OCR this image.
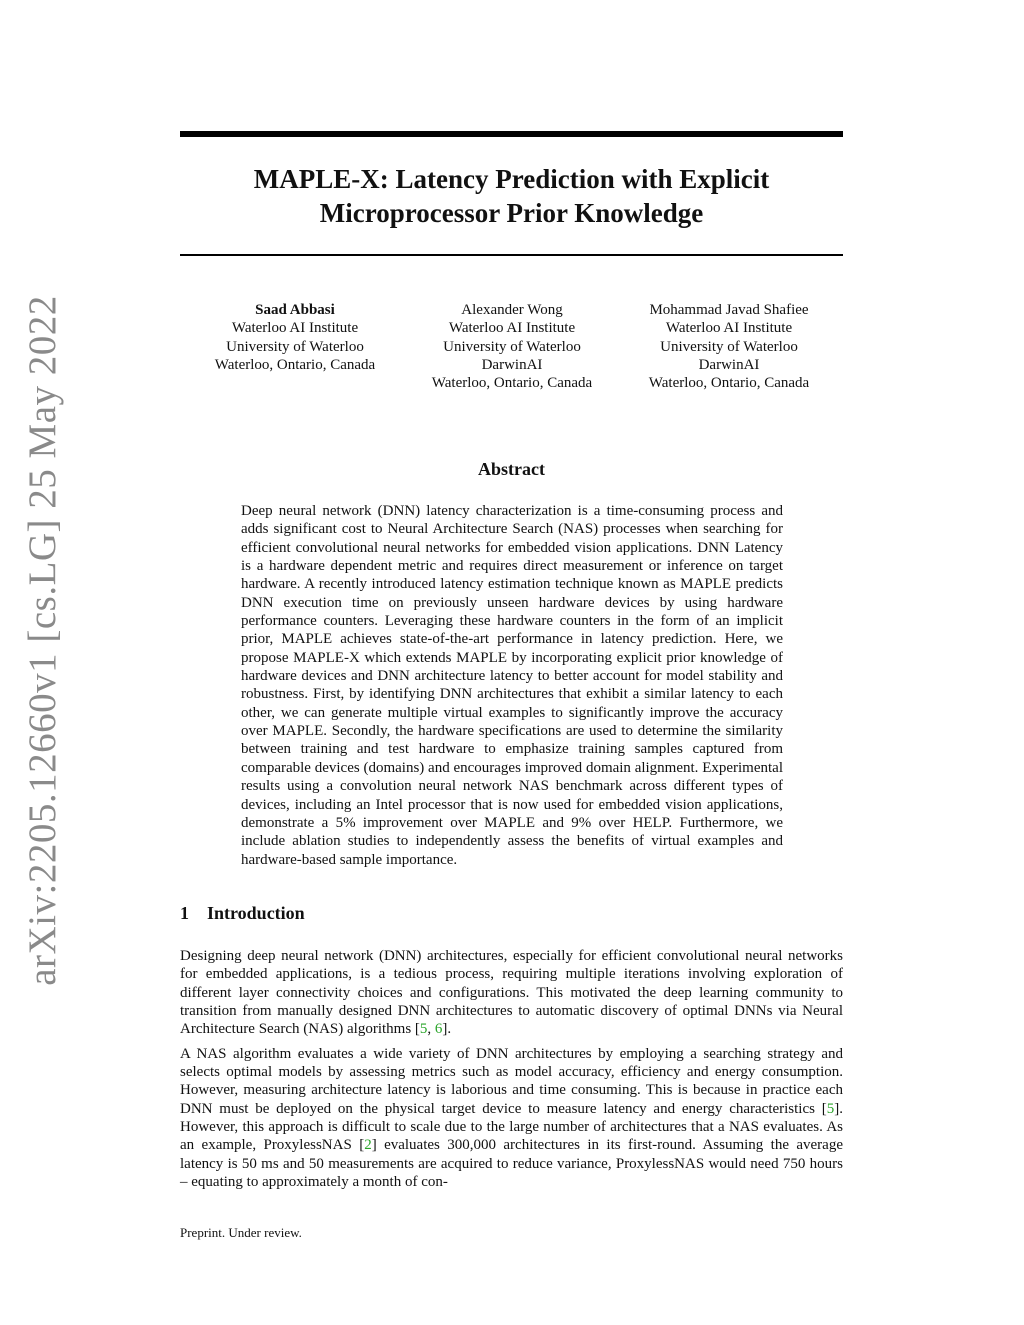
arXiv:2205.12660v1 [cs.LG] 25 May 2022
MAPLE-X: Latency Prediction with Explicit
Microprocessor Prior Knowledge
Saad Abbasi
Waterloo AI Institute
University of Waterloo
Waterloo, Ontario, Canada
Alexander Wong
Waterloo AI Institute
University of Waterloo
DarwinAI
Waterloo, Ontario, Canada
Mohammad Javad Shafiee
Waterloo AI Institute
University of Waterloo
DarwinAI
Waterloo, Ontario, Canada
Abstract
Deep neural network (DNN) latency characterization is a time-consuming process and adds significant cost to Neural Architecture Search (NAS) processes when searching for efficient convolutional neural networks for embedded vision applications. DNN Latency is a hardware dependent metric and requires direct measurement or inference on target hardware. A recently introduced latency estimation technique known as MAPLE predicts DNN execution time on previously unseen hardware devices by using hardware performance counters. Leveraging these hardware counters in the form of an implicit prior, MAPLE achieves state-of-the-art performance in latency prediction. Here, we propose MAPLE-X which extends MAPLE by incorporating explicit prior knowledge of hardware devices and DNN architecture latency to better account for model stability and robustness. First, by identifying DNN architectures that exhibit a similar latency to each other, we can generate multiple virtual examples to significantly improve the accuracy over MAPLE. Secondly, the hardware specifications are used to determine the similarity between training and test hardware to emphasize training samples captured from comparable devices (domains) and encourages improved domain alignment. Experimental results using a convolution neural network NAS benchmark across different types of devices, including an Intel processor that is now used for embedded vision applications, demonstrate a 5% improvement over MAPLE and 9% over HELP. Furthermore, we include ablation studies to independently assess the benefits of virtual examples and hardware-based sample importance.
1 Introduction

Designing deep neural network (DNN) architectures, especially for efficient convolutional neural networks for embedded applications, is a tedious process, requiring multiple iterations involving exploration of different layer connectivity choices and configurations. This motivated the deep learning community to transition from manually designed DNN architectures to automatic discovery of optimal DNNs via Neural Architecture Search (NAS) algorithms [5, 6].

A NAS algorithm evaluates a wide variety of DNN architectures by employing a searching strategy and selects optimal models by assessing metrics such as model accuracy, efficiency and energy consumption. However, measuring architecture latency is laborious and time consuming. This is because in practice each DNN must be deployed on the physical target device to measure latency and energy characteristics [5]. However, this approach is difficult to scale due to the large number of architectures that a NAS evaluates. As an example, ProxylessNAS [2] evaluates 300,000 architectures in its first-round. Assuming the average latency is 50 ms and 50 measurements are acquired to reduce variance, ProxylessNAS would need 750 hours – equating to approximately a month of con-

Preprint. Under review.
